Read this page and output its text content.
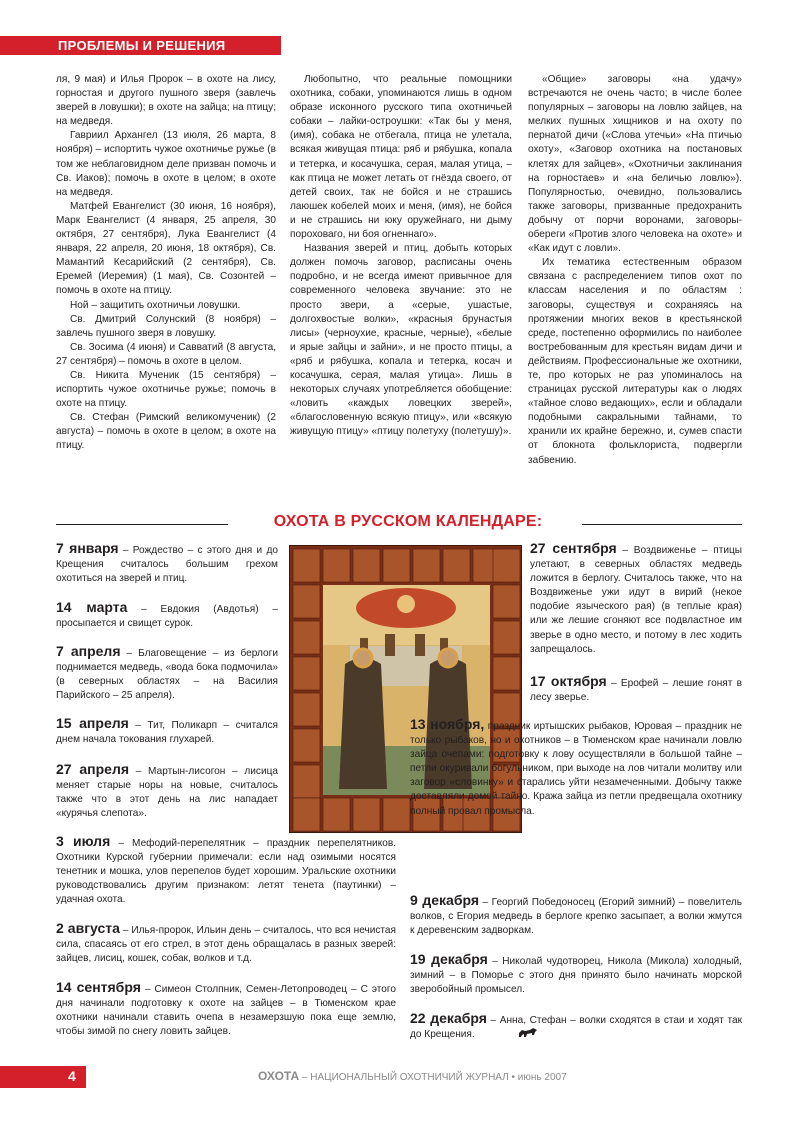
ПРОБЛЕМЫ И РЕШЕНИЯ

ля, 9 мая) и Илья Пророк – в охоте на лису, горностая и другого пушного зверя (завлечь зверей в ловушки); в охоте на зайца; на птицу; на медведя.

Гавриил Архангел (13 июля, 26 марта, 8 ноября) – испортить чужое охотничье ружье (в том же неблаговидном деле призван помочь и Св. Иаков); помочь в охоте в целом; в охоте на медведя.

Матфей Евангелист (30 июня, 16 ноября), Марк Евангелист (4 января, 25 апреля, 30 октября, 27 сентября), Лука Евангелист (4 января, 22 апреля, 20 июня, 18 октября), Св. Мамантий Кесарийский (2 сентября), Св. Еремей (Иеремия) (1 мая), Св. Созонтей – помочь в охоте на птицу.

Ной – защитить охотничьи ловушки.

Св. Дмитрий Солунский (8 ноября) – завлечь пушного зверя в ловушку.

Св. Зосима (4 июня) и Савватий (8 августа, 27 сентября) – помочь в охоте в целом.

Св. Никита Мученик (15 сентября) – испортить чужое охотничье ружье; помочь в охоте на птицу.

Св. Стефан (Римский великомученик) (2 августа) – помочь в охоте в целом; в охоте на птицу.

Любопытно, что реальные помощники охотника, собаки, упоминаются лишь в одном образе исконного русского типа охотничьей собаки – лайки-остроушки: «Так бы у меня, (имя), собака не отбегала, птица не улетала, всякая живущая птица: ряб и рябушка, копала и тетерка, и косачушка, серая, малая утица, – как птица не может летать от гнёзда своего, от детей своих, так не бойся и не страшись лаюшек кобелей моих и меня, (имя), не бойся и не страшись ни юку оружейнаго, ни дыму пороховаго, ни боя огненнаго».

Названия зверей и птиц, добыть которых должен помочь заговор, расписаны очень подробно, и не всегда имеют привычное для современного человека звучание: это не просто звери, а «серые, ушастые, долгохвостые волки», «красныя брунастыя лисы» (черноухие, красные, черные), «белые и ярые зайцы и зайни», и не просто птицы, а «ряб и рябушка, копала и тетерка, косач и косачушка, серая, малая утица». Лишь в некоторых случаях употребляется обобщение: «ловить «каждых ловецких зверей», «благословенную всякую птицу», или «всякую живущую птицу» «птицу полетуху (полетушу)».

«Общие» заговоры «на удачу» встречаются не очень часто; в числе более популярных – заговоры на ловлю зайцев, на мелких пушных хищников и на охоту по пернатой дичи («Слова утечьи» «На птичью охоту», «Заговор охотника на постановых клетях для зайцев», «Охотничьи заклинания на горностаев» и «на беличью ловлю»). Популярностью, очевидно, пользовались также заговоры, призванные предохранить добычу от порчи воронами, заговоры-обереги «Против злого человека на охоте» и «Как идут с ловли».

Их тематика естественным образом связана с распределением типов охот по классам населения и по областям : заговоры, существуя и сохраняясь на протяжении многих веков в крестьянской среде, постепенно оформились по наиболее востребованным для крестьян видам дичи и действиям. Профессиональные же охотники, те, про которых не раз упоминалось на страницах русской литературы как о людях «тайное слово ведающих», если и обладали подобными сакральными тайнами, то хранили их крайне бережно, и, сумев спасти от блокнота фольклориста, подвергли забвению.

ОХОТА В РУССКОМ КАЛЕНДАРЕ:
7 января – Рождество – с этого дня и до Крещения считалось большим грехом охотиться на зверей и птиц.
14 марта – Евдокия (Авдотья) – просыпается и свищет сурок.
7 апреля – Благовещение – из берлоги поднимается медведь, «вода бока подмочила» (в северных областях – на Василия Парийского – 25 апреля).
15 апреля – Тит, Поликарп – считался днем начала токования глухарей.
27 апреля – Мартын-лисогон – лисица меняет старые норы на новые, считалось также что в этот день на лис нападает «курячья слепота».
3 июля – Мефодий-перепелятник – праздник перепелятников. Охотники Курской губернии примечали: если над озимыми носятся тенетник и мошка, улов перепелов будет хорошим. Уральские охотники руководствовались другим признаком: летят тенета (паутинки) – удачная охота.
2 августа – Илья-пророк, Ильин день – считалось, что вся нечистая сила, спасаясь от его стрел, в этот день обращалась в разных зверей: зайцев, лисиц, кошек, собак, волков и т.д.
14 сентября – Симеон Столпник, Семен-Летопроводец – С этого дня начинали подготовку к охоте на зайцев – в Тюменском крае охотники начинали ставить очепа в незамерзшую пока еще землю, чтобы зимой по снегу ловить зайцев.
27 сентября – Воздвиженье – птицы улетают, в северных областях медведь ложится в берлогу. Считалось также, что на Воздвиженье ужи идут в вирий (некое подобие языческого рая) (в теплые края) или же лешие сгоняют все подвластное им зверье в одно место, и потому в лес ходить запрещалось.
17 октября – Ерофей – лешие гонят в лесу зверье.
13 ноября, праздник иртышских рыбаков, Юровая – праздник не только рыбаков, но и охотников – в Тюменском крае начинали ловлю зайца очепами: подготовку к лову осуществляли в большой тайне – петли окуривали богульником, при выходе на лов читали молитву или заговор «словинку» и старались уйти незамеченными. Добычу также доставляли домой тайно. Кража зайца из петли предвещала охотнику полный провал промысла.
9 декабря – Георгий Победоносец (Егорий зимний) – повелитель волков, с Егория медведь в берлоге крепко засыпает, а волки жмутся к деревенским задворкам.
19 декабря – Николай чудотворец, Никола (Микола) холодный, зимний – в Поморье с этого дня принято было начинать морской зверобойный промысел.
22 декабря – Анна, Стефан – волки сходятся в стаи и ходят так до Крещения.
4	ОХОТА – НАЦИОНАЛЬНЫЙ ОХОТНИЧИЙ ЖУРНАЛ • июнь 2007
